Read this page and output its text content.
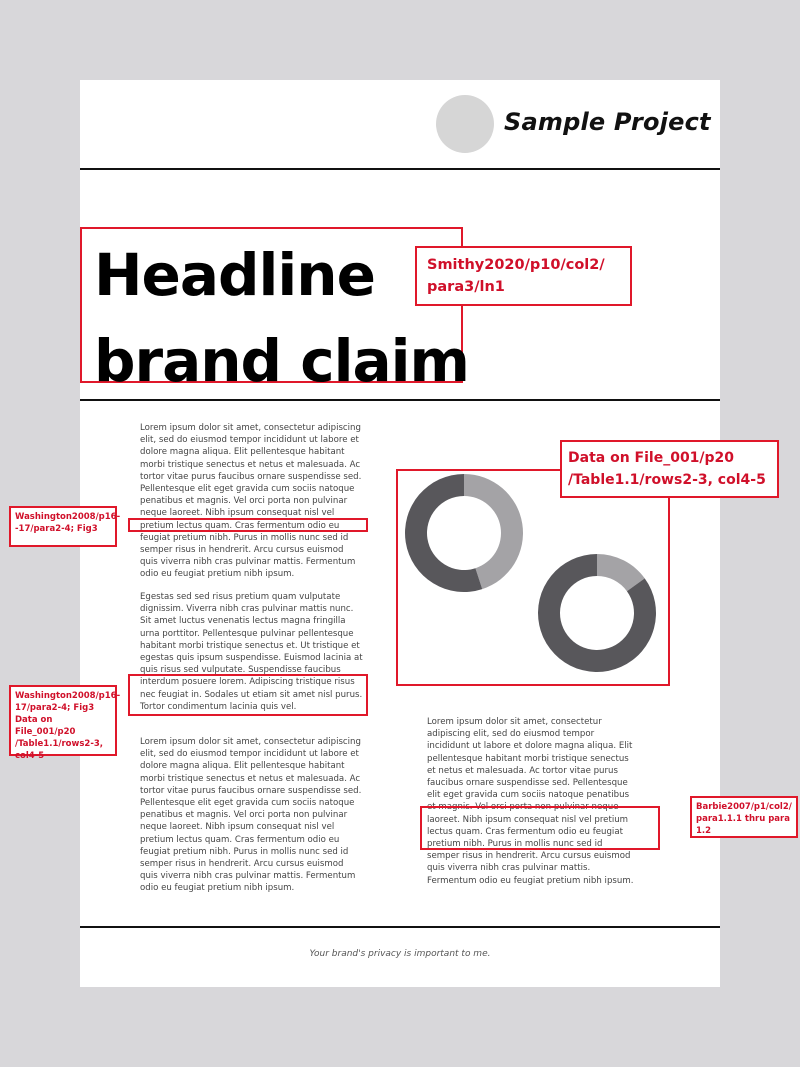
Sample Project
Headline
brand claim
Smithy2020/p10/col2/
para3/ln1
Lorem ipsum dolor sit amet, consectetur adipiscing
elit, sed do eiusmod tempor incididunt ut labore et
dolore magna aliqua. Elit pellentesque habitant
morbi tristique senectus et netus et malesuada. Ac
tortor vitae purus faucibus ornare suspendisse sed.
Pellentesque elit eget gravida cum sociis natoque
penatibus et magnis. Vel orci porta non pulvinar
neque laoreet. Nibh ipsum consequat nisl vel
pretium lectus quam. Cras fermentum odio eu
feugiat pretium nibh. Purus in mollis nunc sed id
semper risus in hendrerit. Arcu cursus euismod
quis viverra nibh cras pulvinar mattis. Fermentum
odio eu feugiat pretium nibh ipsum.
Egestas sed sed risus pretium quam vulputate
dignissim. Viverra nibh cras pulvinar mattis nunc.
Sit amet luctus venenatis lectus magna fringilla
urna porttitor. Pellentesque pulvinar pellentesque
habitant morbi tristique senectus et. Ut tristique et
egestas quis ipsum suspendisse. Euismod lacinia at
quis risus sed vulputate. Suspendisse faucibus
interdum posuere lorem. Adipiscing tristique risus
nec feugiat in. Sodales ut etiam sit amet nisl purus.
Tortor condimentum lacinia quis vel.
Lorem ipsum dolor sit amet, consectetur adipiscing
elit, sed do eiusmod tempor incididunt ut labore et
dolore magna aliqua. Elit pellentesque habitant
morbi tristique senectus et netus et malesuada. Ac
tortor vitae purus faucibus ornare suspendisse sed.
Pellentesque elit eget gravida cum sociis natoque
penatibus et magnis. Vel orci porta non pulvinar
neque laoreet. Nibh ipsum consequat nisl vel
pretium lectus quam. Cras fermentum odio eu
feugiat pretium nibh. Purus in mollis nunc sed id
semper risus in hendrerit. Arcu cursus euismod
quis viverra nibh cras pulvinar mattis. Fermentum
odio eu feugiat pretium nibh ipsum.
Lorem ipsum dolor sit amet, consectetur
adipiscing elit, sed do eiusmod tempor
incididunt ut labore et dolore magna aliqua. Elit
pellentesque habitant morbi tristique senectus
et netus et malesuada. Ac tortor vitae purus
faucibus ornare suspendisse sed. Pellentesque
elit eget gravida cum sociis natoque penatibus
et magnis. Vel orci porta non pulvinar neque
laoreet. Nibh ipsum consequat nisl vel pretium
lectus quam. Cras fermentum odio eu feugiat
pretium nibh. Purus in mollis nunc sed id
semper risus in hendrerit. Arcu cursus euismod
quis viverra nibh cras pulvinar mattis.
Fermentum odio eu feugiat pretium nibh ipsum.
Data on File_001/p20
/Table1.1/rows2-3, col4-5
Your brand's privacy is important to me.
Washington2008/p16-
-17/para2-4; Fig3
Washington2008/p16-
17/para2-4; Fig3
Data on File_001/p20
/Table1.1/rows2-3,
col4-5
Barbie2007/p1/col2/
para1.1.1 thru para 1.2
